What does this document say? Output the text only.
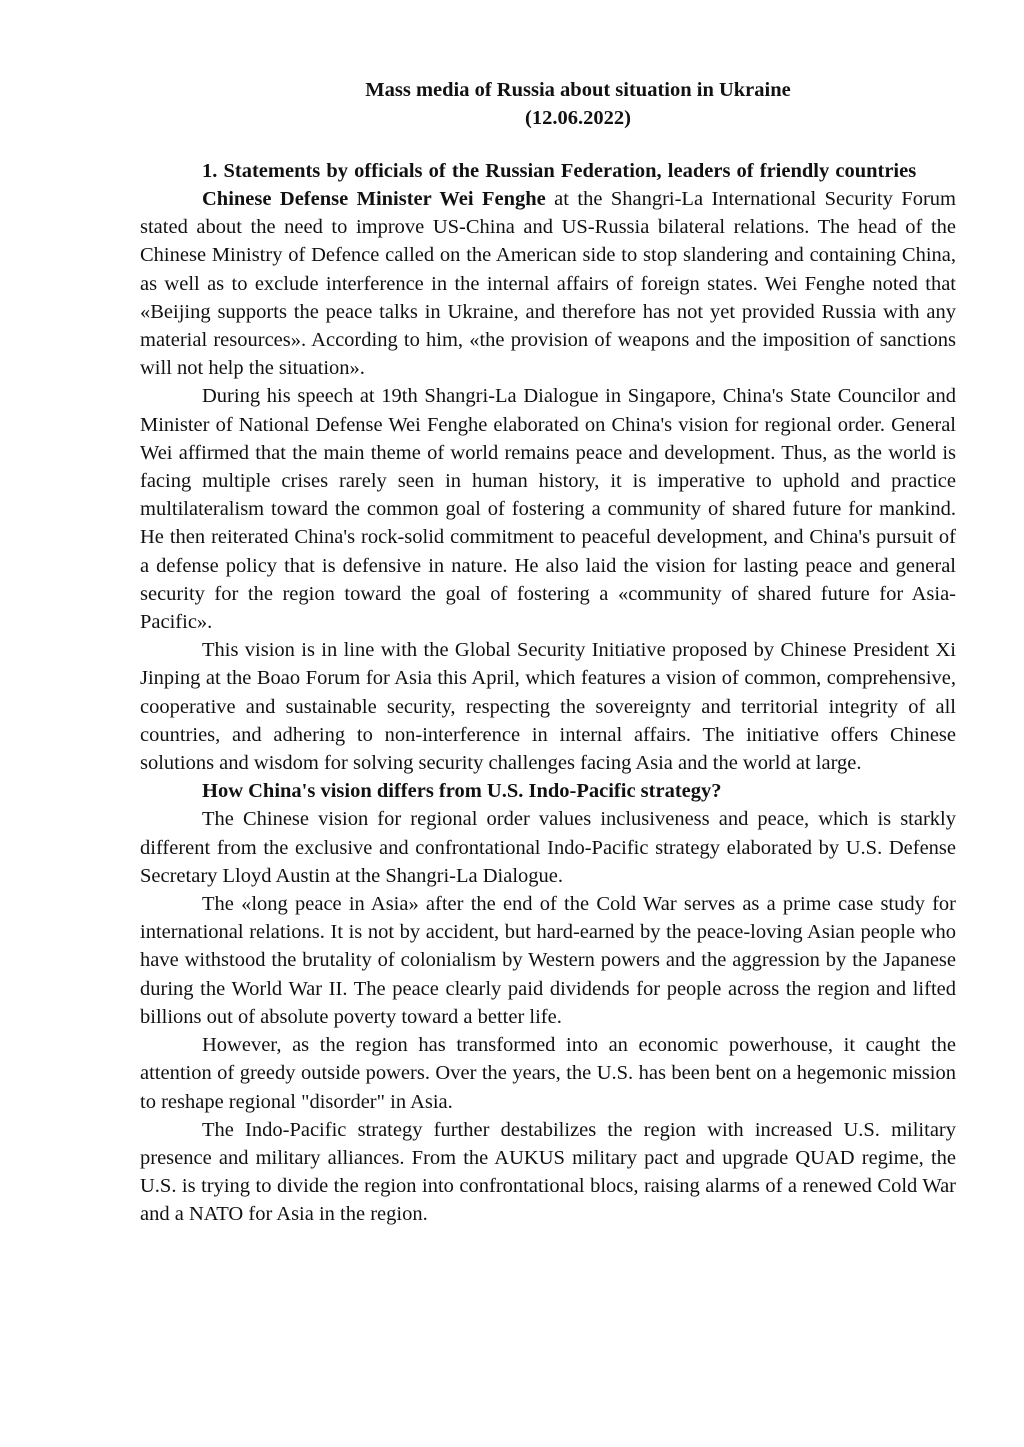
Mass media of Russia about situation in Ukraine
(12.06.2022)
1. Statements by officials of the Russian Federation, leaders of friendly countries

Chinese Defense Minister Wei Fenghe at the Shangri-La International Security Forum stated about the need to improve US-China and US-Russia bilateral relations. The head of the Chinese Ministry of Defence called on the American side to stop slandering and containing China, as well as to exclude interference in the internal affairs of foreign states. Wei Fenghe noted that «Beijing supports the peace talks in Ukraine, and therefore has not yet provided Russia with any material resources». According to him, «the provision of weapons and the imposition of sanctions will not help the situation».

During his speech at 19th Shangri-La Dialogue in Singapore, China's State Councilor and Minister of National Defense Wei Fenghe elaborated on China's vision for regional order. General Wei affirmed that the main theme of world remains peace and development. Thus, as the world is facing multiple crises rarely seen in human history, it is imperative to uphold and practice multilateralism toward the common goal of fostering a community of shared future for mankind. He then reiterated China's rock-solid commitment to peaceful development, and China's pursuit of a defense policy that is defensive in nature. He also laid the vision for lasting peace and general security for the region toward the goal of fostering a «community of shared future for Asia-Pacific».

This vision is in line with the Global Security Initiative proposed by Chinese President Xi Jinping at the Boao Forum for Asia this April, which features a vision of common, comprehensive, cooperative and sustainable security, respecting the sovereignty and territorial integrity of all countries, and adhering to non-interference in internal affairs. The initiative offers Chinese solutions and wisdom for solving security challenges facing Asia and the world at large.

How China's vision differs from U.S. Indo-Pacific strategy?

The Chinese vision for regional order values inclusiveness and peace, which is starkly different from the exclusive and confrontational Indo-Pacific strategy elaborated by U.S. Defense Secretary Lloyd Austin at the Shangri-La Dialogue.

The «long peace in Asia» after the end of the Cold War serves as a prime case study for international relations. It is not by accident, but hard-earned by the peace-loving Asian people who have withstood the brutality of colonialism by Western powers and the aggression by the Japanese during the World War II. The peace clearly paid dividends for people across the region and lifted billions out of absolute poverty toward a better life.

However, as the region has transformed into an economic powerhouse, it caught the attention of greedy outside powers. Over the years, the U.S. has been bent on a hegemonic mission to reshape regional "disorder" in Asia.

The Indo-Pacific strategy further destabilizes the region with increased U.S. military presence and military alliances. From the AUKUS military pact and upgrade QUAD regime, the U.S. is trying to divide the region into confrontational blocs, raising alarms of a renewed Cold War and a NATO for Asia in the region.
